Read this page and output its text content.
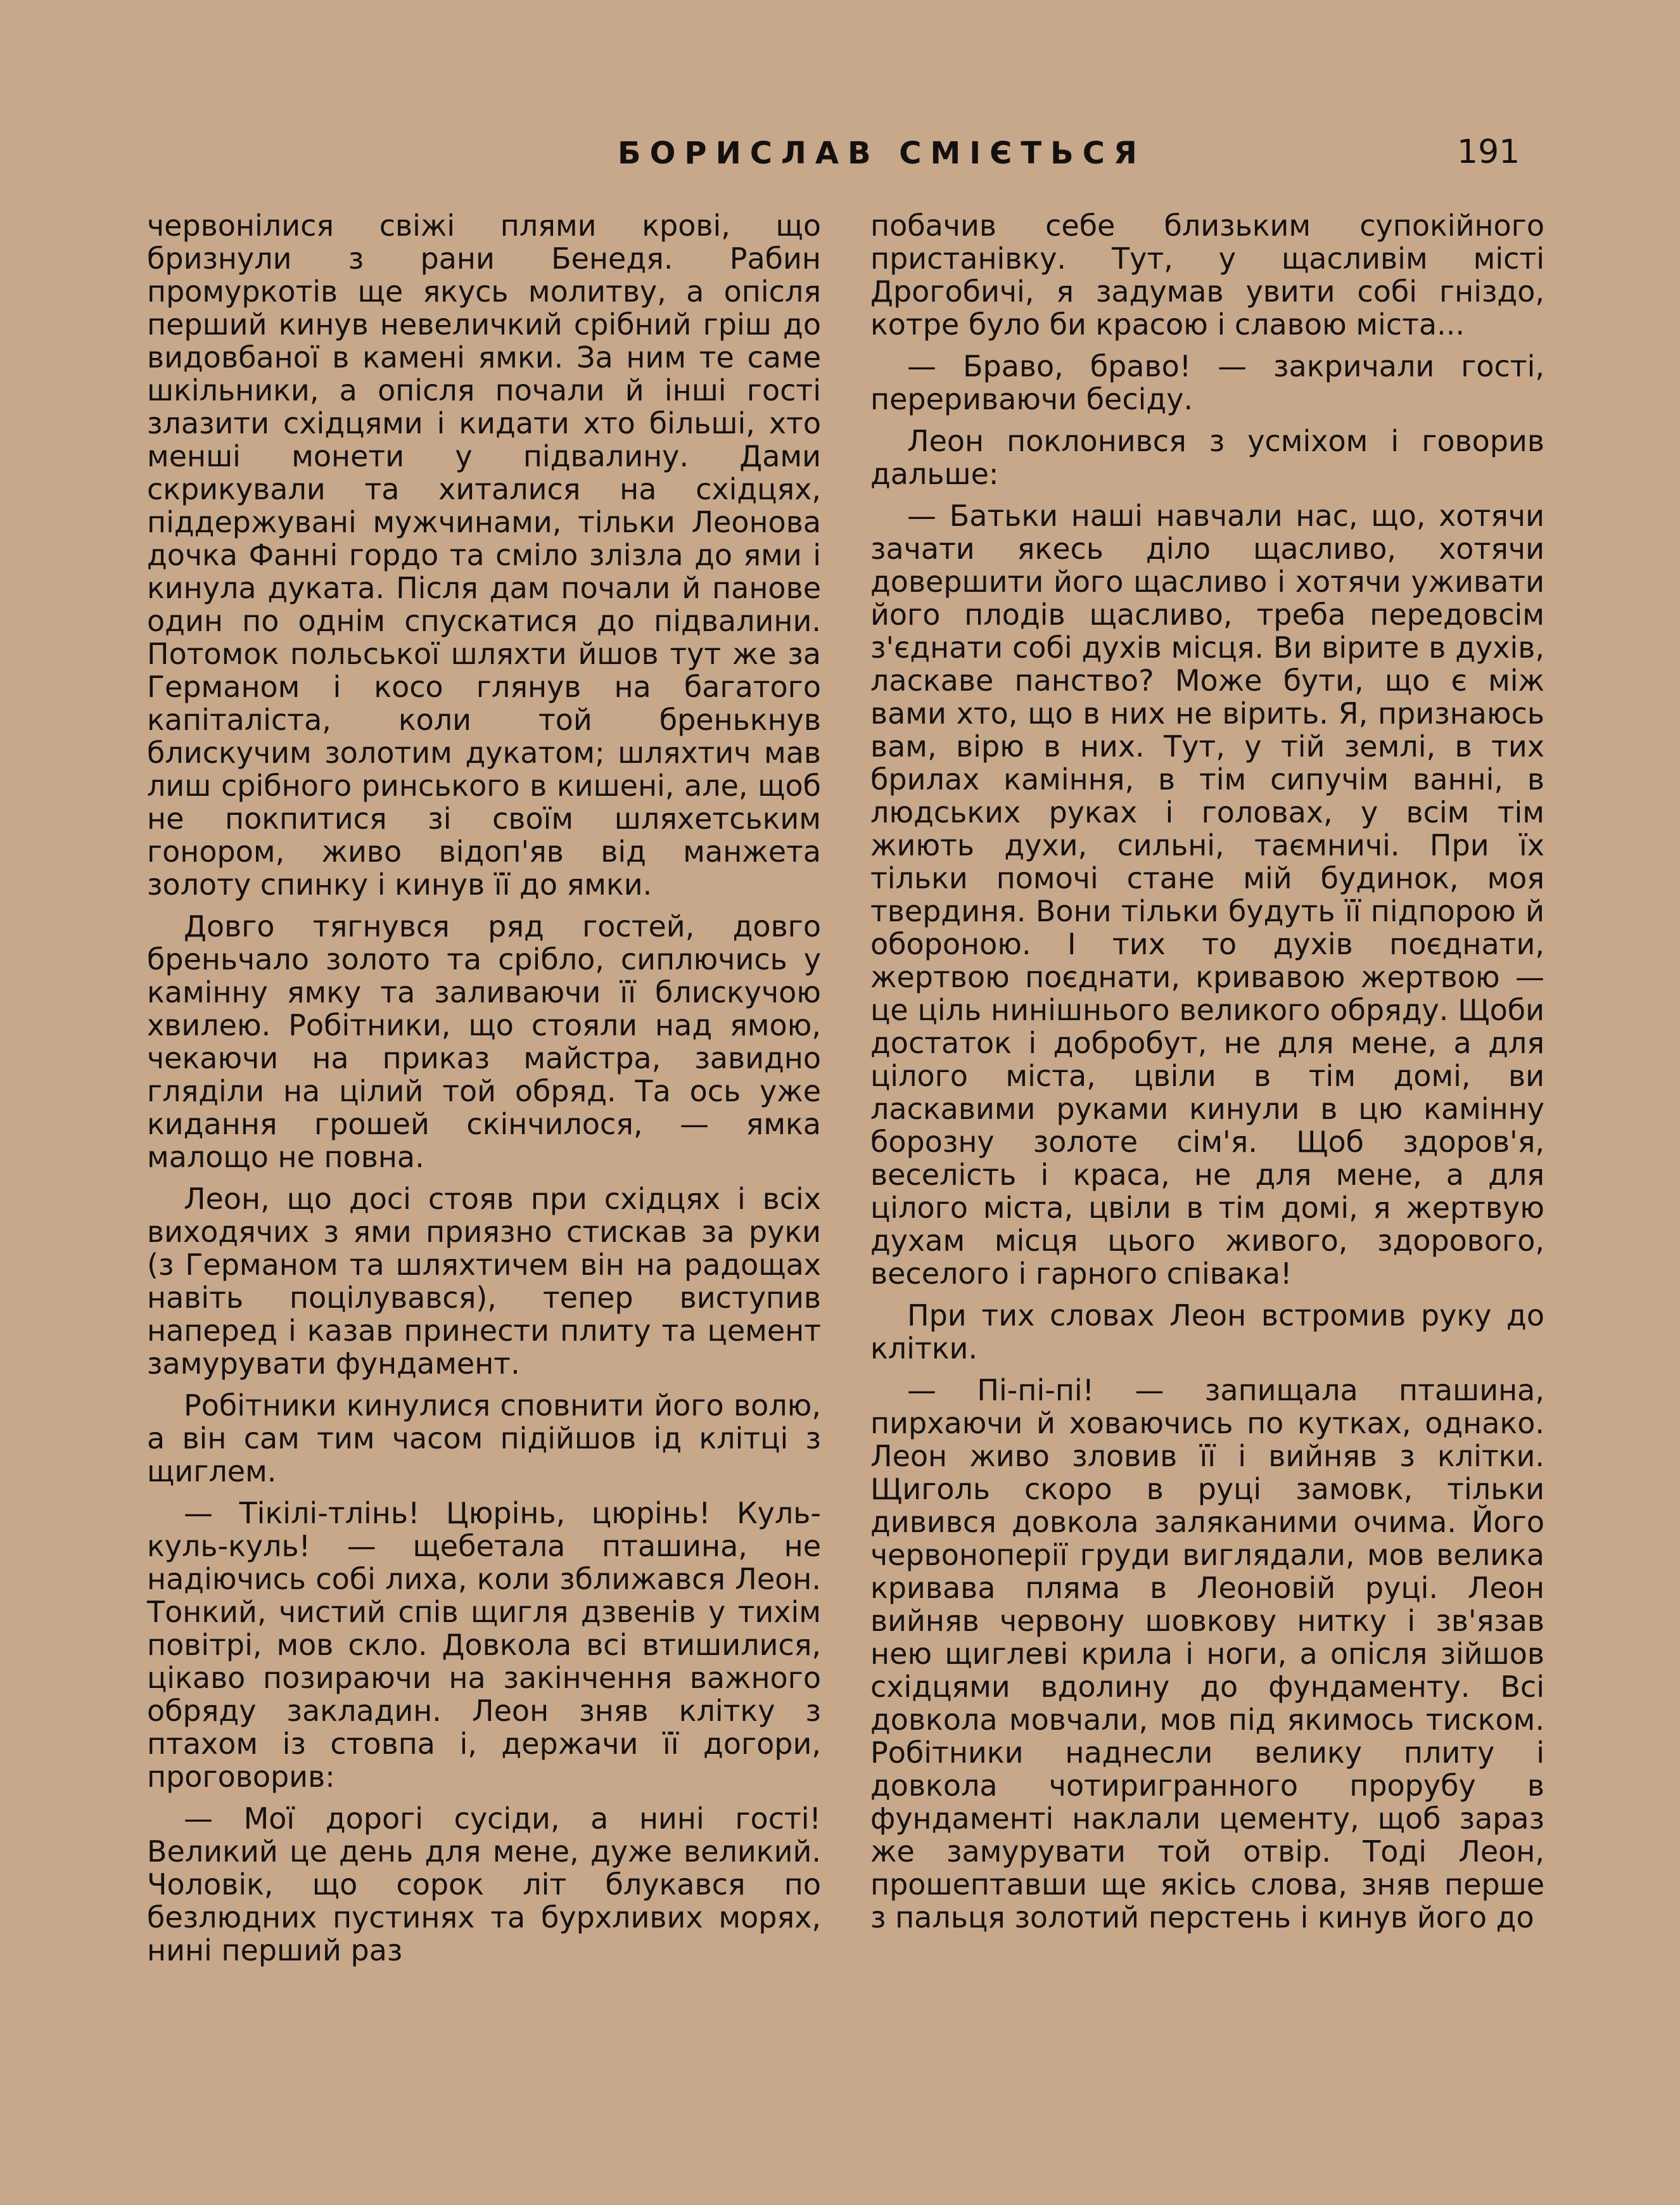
БОРИСЛАВ СМІЄТЬСЯ	191

червонілися свіжі плями крові, що бризнули з рани Бенедя. Рабин промуркотів ще якусь молитву, а опісля перший кинув невеличкий срібний гріш до видовбаної в камені ямки. За ним те саме шкільники, а опісля почали й інші гості злазити східцями і кидати хто більші, хто менші монети у підвалину. Дами скрикували та хиталися на східцях, піддержувані мужчинами, тільки Леонова дочка Фанні гордо та сміло злізла до ями і кинула дуката. Після дам почали й панове один по однім спускатися до підвалини. Потомок польської шляхти йшов тут же за Германом і косо глянув на багатого капіталіста, коли той бренькнув блискучим золотим дукатом; шляхтич мав лиш срібного ринського в кишені, але, щоб не покпитися зі своїм шляхетським гонором, живо відоп'яв від манжета золоту спинку і кинув її до ямки.

Довго тягнувся ряд гостей, довго бреньчало золото та срібло, сиплючись у камінну ямку та заливаючи її блискучою хвилею. Робітники, що стояли над ямою, чекаючи на приказ майстра, завидно гляділи на цілий той обряд. Та ось уже кидання грошей скінчилося, — ямка малощо не повна.

Леон, що досі стояв при східцях і всіх виходячих з ями приязно стискав за руки (з Германом та шляхтичем він на радощах навіть поцілувався), тепер виступив наперед і казав принести плиту та цемент замурувати фундамент.

Робітники кинулися сповнити його волю, а він сам тим часом підійшов ід клітці з щиглем.

— Тікілі-тлінь! Цюрінь, цюрінь! Куль-куль-куль! — щебетала пташина, не надіючись собі лиха, коли зближався Леон. Тонкий, чистий спів щигля дзвенів у тихім повітрі, мов скло. Довкола всі втишилися, цікаво позираючи на закінчення важного обряду закладин. Леон зняв клітку з птахом із стовпа і, держачи її догори, проговорив:

— Мої дорогі сусіди, а нині гості! Великий це день для мене, дуже великий. Чоловік, що сорок літ блукався по безлюдних пустинях та бурхливих морях, нині перший раз

побачив себе близьким супокійного пристанівку. Тут, у щасливім місті Дрогобичі, я задумав увити собі гніздо, котре було би красою і славою міста...

— Браво, браво! — закричали гості, перериваючи бесіду.

Леон поклонився з усміхом і говорив дальше:

— Батьки наші навчали нас, що, хотячи зачати якесь діло щасливо, хотячи довершити його щасливо і хотячи уживати його плодів щасливо, треба передовсім з'єднати собі духів місця. Ви вірите в духів, ласкаве панство? Може бути, що є між вами хто, що в них не вірить. Я, признаюсь вам, вірю в них. Тут, у тій землі, в тих брилах каміння, в тім сипучім ванні, в людських руках і головах, у всім тім жиють духи, сильні, таємничі. При їх тільки помочі стане мій будинок, моя твердиня. Вони тільки будуть її підпорою й обороною. І тих то духів поєднати, жертвою поєднати, кривавою жертвою — це ціль нинішнього великого обряду. Щоби достаток і добробут, не для мене, а для цілого міста, цвіли в тім домі, ви ласкавими руками кинули в цю камінну борозну золоте сім'я. Щоб здоров'я, веселість і краса, не для мене, а для цілого міста, цвіли в тім домі, я жертвую духам місця цього живого, здорового, веселого і гарного співака!

При тих словах Леон встромив руку до клітки.

— Пі-пі-пі! — запищала пташина, пирхаючи й ховаючись по кутках, однако. Леон живо зловив її і вийняв з клітки. Щиголь скоро в руці замовк, тільки дивився довкола заляканими очима. Його червоноперії груди виглядали, мов велика кривава пляма в Леоновій руці. Леон вийняв червону шовкову нитку і зв'язав нею щиглеві крила і ноги, а опісля зійшов східцями вдолину до фундаменту. Всі довкола мовчали, мов під якимось тиском. Робітники наднесли велику плиту і довкола чотиригранного прорубу в фундаменті наклали цементу, щоб зараз же замурувати той отвір. Тоді Леон, прошептавши ще якісь слова, зняв перше з пальця золотий перстень і кинув його до
